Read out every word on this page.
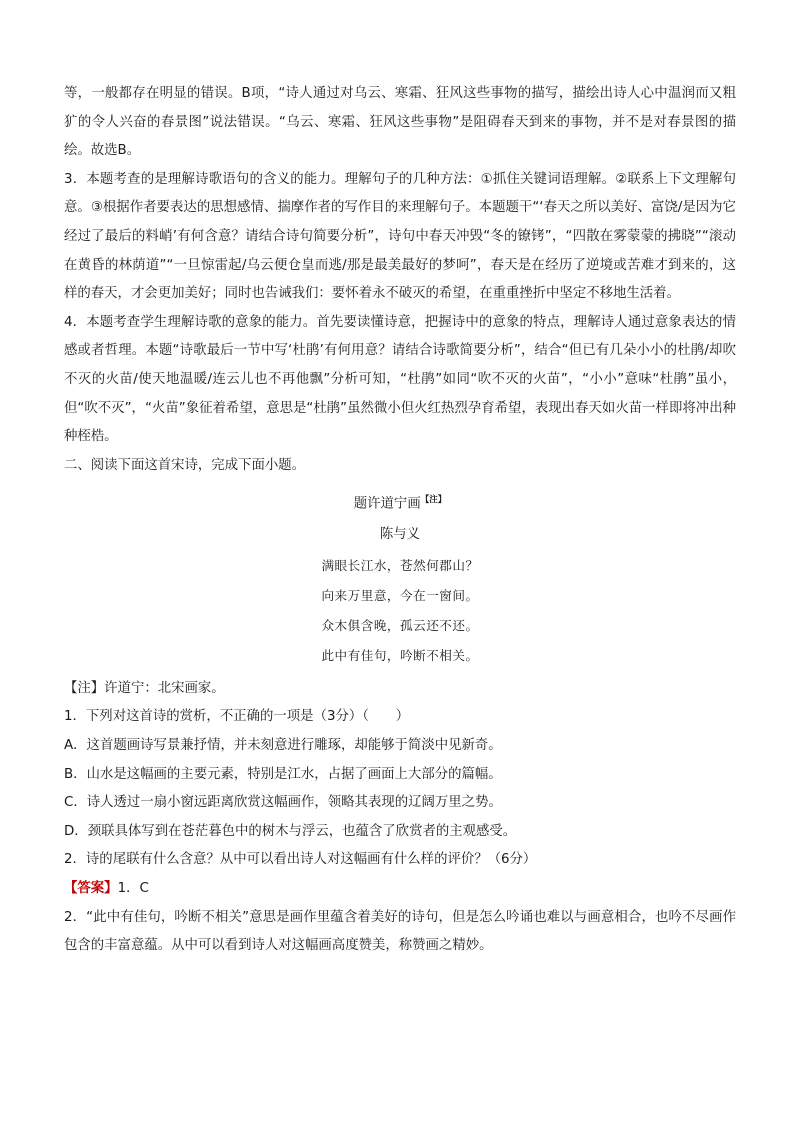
等，一般都存在明显的错误。B项，“诗人通过对乌云、寒霜、狂风这些事物的描写，描绘出诗人心中温润而又粗犷的令人兴奋的春景图”说法错误。“乌云、寒霜、狂风这些事物”是阻碍春天到来的事物，并不是对春景图的描绘。故选B。

3．本题考查的是理解诗歌语句的含义的能力。理解句子的几种方法：①抓住关键词语理解。②联系上下文理解句意。③根据作者要表达的思想感情、揣摩作者的写作目的来理解句子。本题题干“‘春天之所以美好、富饶/是因为它经过了最后的料峭’有何含意？请结合诗句简要分析”，诗句中春天冲毁“冬的镣铐”，“四散在雾蒙蒙的拂晓”“滚动在黄昏的林荫道”“一旦惊雷起/乌云便仓皇而逃/那是最美最好的梦呵”，春天是在经历了逆境或苦难才到来的，这样的春天，才会更加美好；同时也告诫我们：要怀着永不破灭的希望，在重重挫折中坚定不移地生活着。

4．本题考查学生理解诗歌的意象的能力。首先要读懂诗意，把握诗中的意象的特点，理解诗人通过意象表达的情感或者哲理。本题“诗歌最后一节中写‘杜鹃’有何用意？请结合诗歌简要分析”，结合“但已有几朵小小的杜鹃/却吹不灭的火苗/使天地温暖/连云儿也不再他飘”分析可知，“杜鹃”如同“吹不灭的火苗”，“小小”意味“杜鹃”虽小，但“吹不灭”，“火苗”象征着希望，意思是“杜鹃”虽然微小但火红热烈孕育希望，表现出春天如火苗一样即将冲出种种桎梏。

二、阅读下面这首宋诗，完成下面小题。

题许道宁画$^{【注】}$
陈与义
满眼长江水，苍然何郡山？
向来万里意，今在一窗间。
众木俱含晚，孤云还不还。
此中有佳句，吟断不相关。

【注】许道宁：北宋画家。

1．下列对这首诗的赏析，不正确的一项是（3分）（　　）

A．这首题画诗写景兼抒情，并未刻意进行雕琢，却能够于简淡中见新奇。

B．山水是这幅画的主要元素，特别是江水，占据了画面上大部分的篇幅。

C．诗人透过一扇小窗远距离欣赏这幅画作，领略其表现的辽阔万里之势。

D．颈联具体写到在苍茫暮色中的树木与浮云，也蕴含了欣赏者的主观感受。

2．诗的尾联有什么含意？从中可以看出诗人对这幅画有什么样的评价？（6分）

【答案】1．C

2．“此中有佳句，吟断不相关”意思是画作里蕴含着美好的诗句，但是怎么吟诵也难以与画意相合，也吟不尽画作包含的丰富意蕴。从中可以看到诗人对这幅画高度赞美，称赞画之精妙。
